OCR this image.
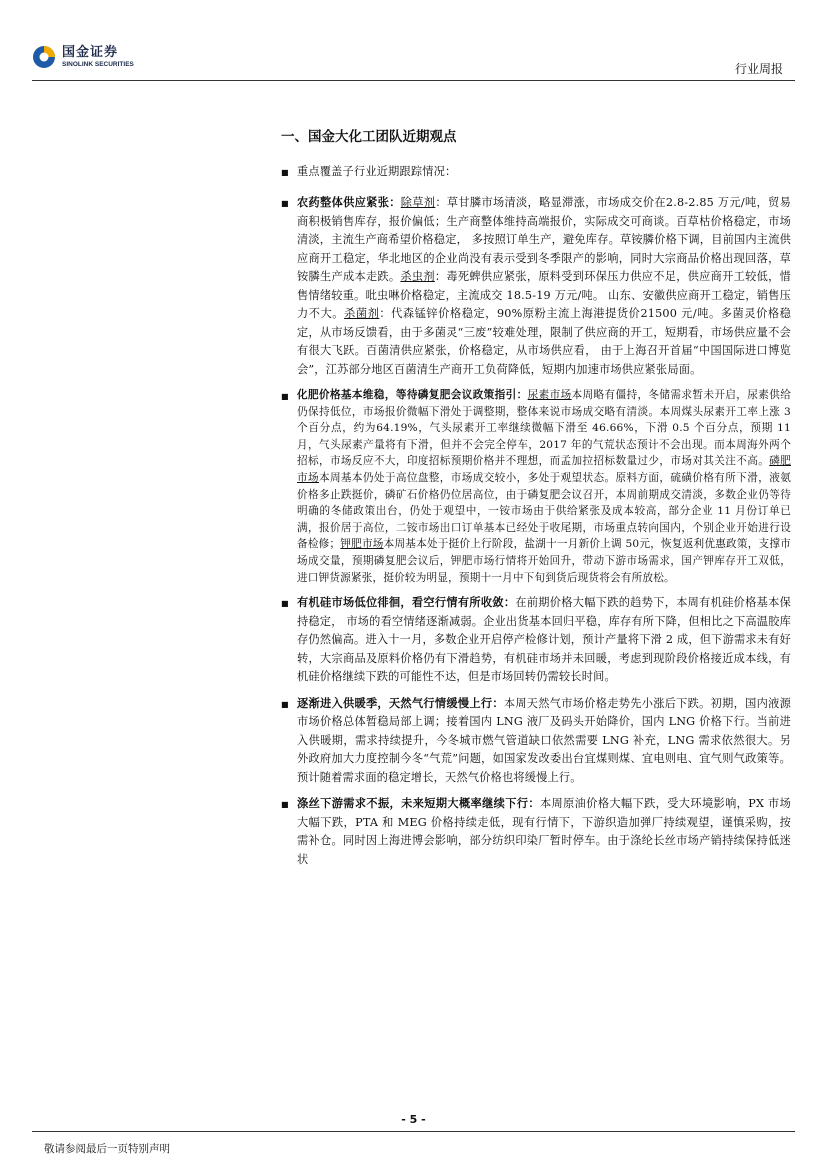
国金证券
SINOLINK SECURITIES	行业周报
一、国金大化工团队近期观点
■ 重点覆盖子行业近期跟踪情况：
■ 农药整体供应紧张：除草剂：草甘膦市场清淡，略显滞涨，市场成交价在2.8-2.85 万元/吨，贸易商积极销售库存，报价偏低；生产商整体维持高端报价，实际成交可商谈。百草枯价格稳定，市场清淡，主流生产商希望价格稳定， 多按照订单生产，避免库存。草铵膦价格下调，目前国内主流供应商开工稳定，华北地区的企业尚没有表示受到冬季限产的影响，同时大宗商品价格出现回落，草铵膦生产成本走跌。杀虫剂：毒死蜱供应紧张，原料受到环保压力供应不足，供应商开工较低，惜售情绪较重。吡虫啉价格稳定，主流成交 18.5-19 万元/吨。 山东、安徽供应商开工稳定，销售压力不大。杀菌剂：代森锰锌价格稳定，90%原粉主流上海港提货价21500 元/吨。多菌灵价格稳定，从市场反馈看，由于多菌灵“三废”较难处理，限制了供应商的开工，短期看，市场供应量不会有很大飞跃。百菌清供应紧张，价格稳定，从市场供应看， 由于上海召开首届“中国国际进口博览会”，江苏部分地区百菌清生产商开工负荷降低，短期内加速市场供应紧张局面。
■ 化肥价格基本维稳，等待磷复肥会议政策指引：尿素市场本周略有僵持，冬储需求暂未开启，尿素供给仍保持低位，市场报价微幅下滑处于调整期，整体来说市场成交略有清淡。本周煤头尿素开工率上涨 3 个百分点，约为64.19%，气头尿素开工率继续微幅下滑至 46.66%，下滑 0.5 个百分点，预期 11 月，气头尿素产量将有下滑，但并不会完全停车，2017 年的气荒状态预计不会出现。而本周海外两个招标，市场反应不大，印度招标预期价格并不理想，而孟加拉招标数量过少，市场对其关注不高。磷肥市场本周基本仍处于高位盘整，市场成交较小，多处于观望状态。原料方面，硫磺价格有所下滑，液氨价格多止跌挺价，磷矿石价格仍位居高位，由于磷复肥会议召开，本周前期成交清淡，多数企业仍等待明确的冬储政策出台，仍处于观望中，一铵市场由于供给紧张及成本较高，部分企业 11 月份订单已满，报价居于高位，二铵市场出口订单基本已经处于收尾期，市场重点转向国内，个别企业开始进行设备检修；钾肥市场本周基本处于挺价上行阶段，盐湖十一月新价上调 50元，恢复返利优惠政策，支撑市场成交量，预期磷复肥会议后，钾肥市场行情将开始回升，带动下游市场需求，国产钾库存开工双低，进口钾货源紧张，挺价较为明显，预期十一月中下旬到货后现货将会有所放松。
■ 有机硅市场低位徘徊，看空行情有所收敛：在前期价格大幅下跌的趋势下，本周有机硅价格基本保持稳定， 市场的看空情绪逐渐减弱。企业出货基本回归平稳，库存有所下降，但相比之下高温胶库存仍然偏高。进入十一月，多数企业开启停产检修计划，预计产量将下滑 2 成，但下游需求未有好转，大宗商品及原料价格仍有下滑趋势，有机硅市场并未回暖，考虑到现阶段价格接近成本线，有机硅价格继续下跌的可能性不达，但是市场回转仍需较长时间。
■ 逐渐进入供暖季，天然气行情缓慢上行：本周天然气市场价格走势先小涨后下跌。初期，国内液源市场价格总体暂稳局部上调；接着国内 LNG 液厂及码头开始降价，国内 LNG 价格下行。当前进入供暖期，需求持续提升，今冬城市燃气管道缺口依然需要 LNG 补充，LNG 需求依然很大。另外政府加大力度控制今冬“气荒”问题，如国家发改委出台宜煤则煤、宜电则电、宜气则气政策等。预计随着需求面的稳定增长，天然气价格也将缓慢上行。
■ 涤丝下游需求不振，未来短期大概率继续下行：本周原油价格大幅下跌，受大环境影响，PX 市场大幅下跌，PTA 和 MEG 价格持续走低，现有行情下，下游织造加弹厂持续观望，谨慎采购，按需补仓。同时因上海进博会影响，部分纺织印染厂暂时停车。由于涤纶长丝市场产销持续保持低迷状
- 5 -
敬请参阅最后一页特别声明
